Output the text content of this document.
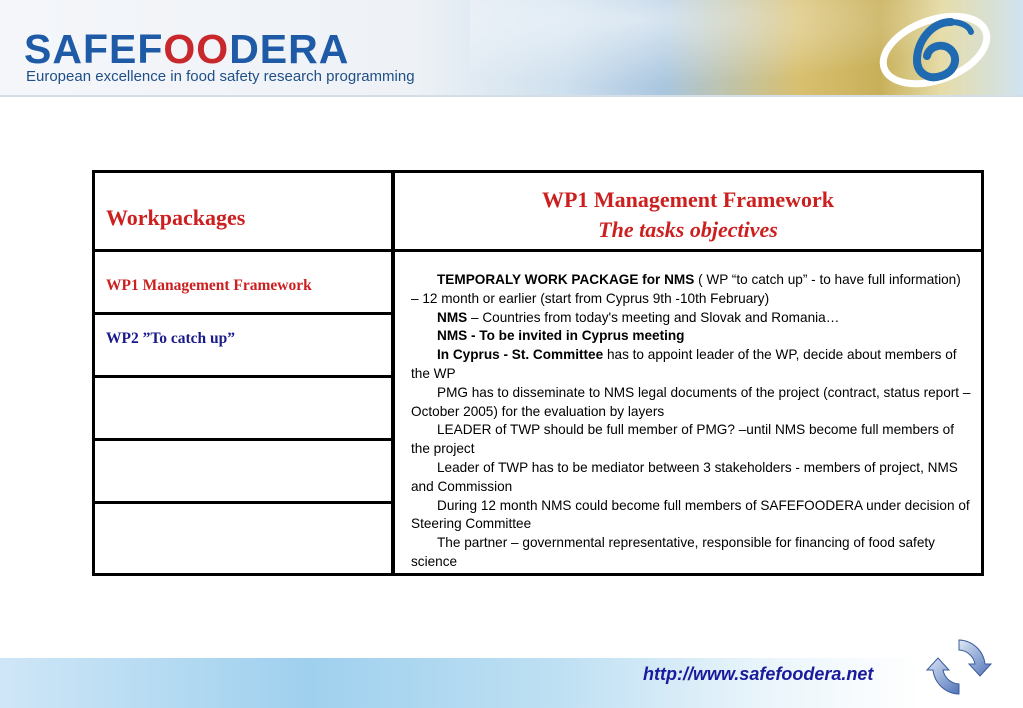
SAFEFOODERA
European excellence in food safety research programming
Workpackages
WP1 Management Framework
The tasks objectives
WP1 Management Framework
WP2 ”To catch up”

TEMPORALY WORK PACKAGE for NMS ( WP “to catch up” - to have full information) – 12 month or earlier (start from Cyprus 9th -10th February)

NMS – Countries from today's meeting and Slovak and Romania…

NMS - To be invited in Cyprus meeting

In Cyprus - St. Committee has to appoint leader of the WP, decide about members of the WP

PMG has to disseminate to NMS legal documents of the project (contract, status report – October 2005) for the evaluation by layers

LEADER of TWP should be full member of PMG? –until NMS become full members of the project

Leader of TWP has to be mediator between 3 stakeholders - members of project, NMS and Commission

During 12 month NMS could become full members of SAFEFOODERA under decision of Steering Committee

The partner – governmental representative, responsible for financing of food safety science

http://www.safefoodera.net
